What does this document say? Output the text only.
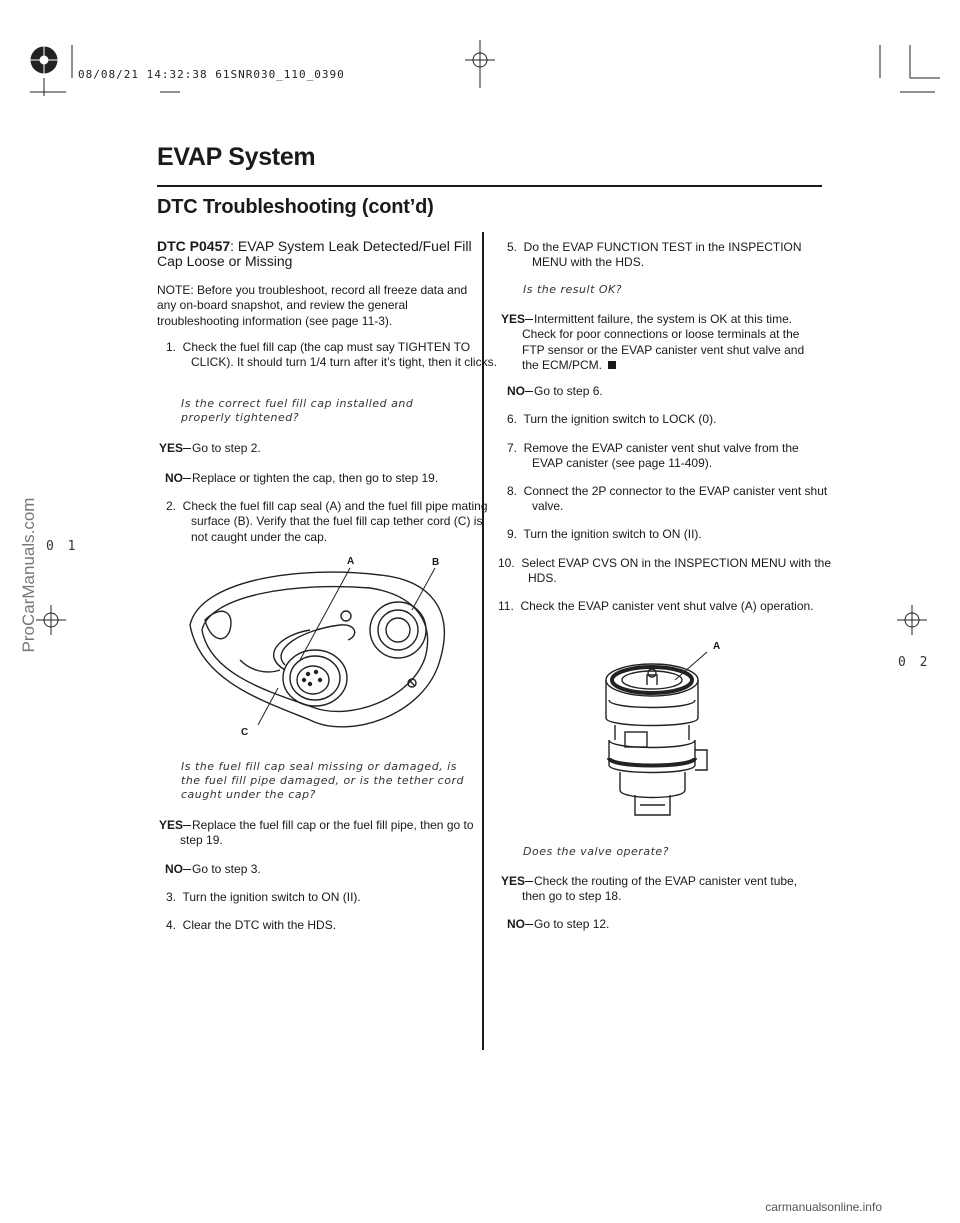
08/08/21 14:32:38 61SNR030_110_0390
EVAP System
DTC Troubleshooting (cont’d)
0 1
0 2
DTC P0457: EVAP System Leak Detected/Fuel Fill Cap Loose or Missing
NOTE: Before you troubleshoot, record all freeze data and any on-board snapshot, and review the general troubleshooting information (see page 11-3).
1.  Check the fuel fill cap (the cap must say TIGHTEN TO CLICK). It should turn 1/4 turn after it’s tight, then it clicks.
Is the correct fuel fill cap installed and properly tightened?
YES Go to step 2.
NO Replace or tighten the cap, then go to step 19.
2.  Check the fuel fill cap seal (A) and the fuel fill pipe mating surface (B). Verify that the fuel fill cap tether cord (C) is not caught under the cap.
A	B
C
Is the fuel fill cap seal missing or damaged, is the fuel fill pipe damaged, or is the tether cord caught under the cap?
YES Replace the fuel fill cap or the fuel fill pipe, then go to step 19.
NO Go to step 3.
3.  Turn the ignition switch to ON (II).
4.  Clear the DTC with the HDS.
5.  Do the EVAP FUNCTION TEST in the INSPECTION MENU with the HDS.
Is the result OK?
YES Intermittent failure, the system is OK at this time. Check for poor connections or loose terminals at the FTP sensor or the EVAP canister vent shut valve and the ECM/PCM.
NO Go to step 6.
6.  Turn the ignition switch to LOCK (0).
7.  Remove the EVAP canister vent shut valve from the EVAP canister (see page 11-409).
8.  Connect the 2P connector to the EVAP canister vent shut valve.
9.  Turn the ignition switch to ON (II).
10.  Select EVAP CVS ON in the INSPECTION MENU with the HDS.
11.  Check the EVAP canister vent shut valve (A) operation.
A
Does the valve operate?
YES Check the routing of the EVAP canister vent tube, then go to step 18.
NO Go to step 12.
ProCarManuals.com
carmanualsonline.info
